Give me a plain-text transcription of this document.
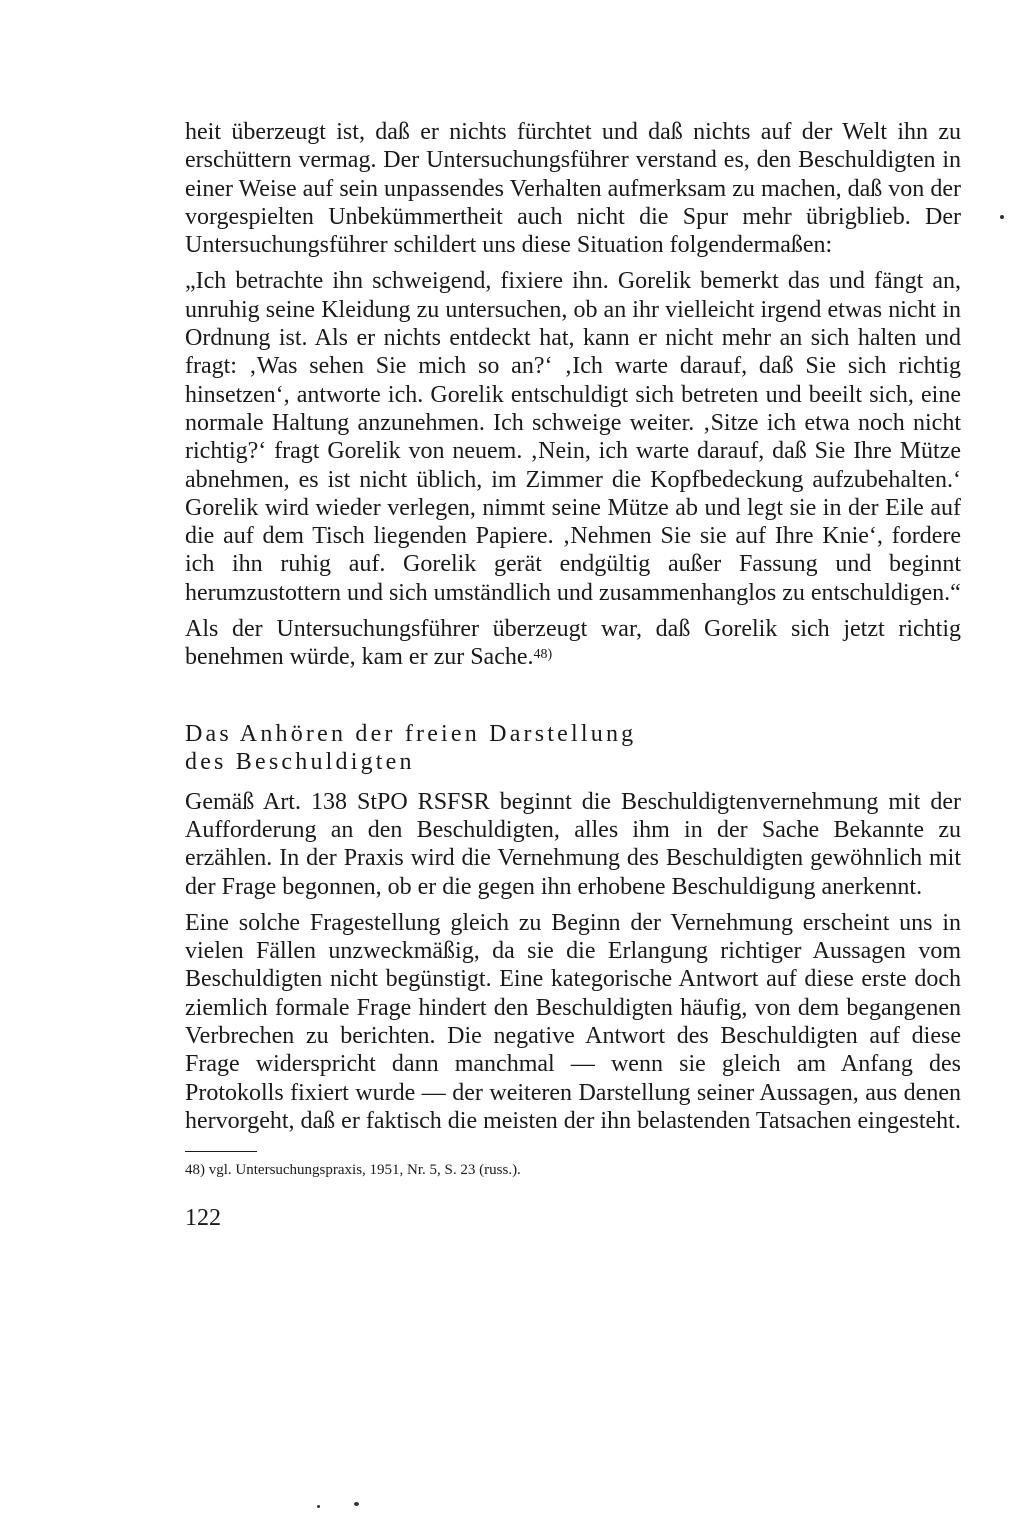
heit überzeugt ist, daß er nichts fürchtet und daß nichts auf der Welt ihn zu erschüttern vermag. Der Untersuchungsführer verstand es, den Beschuldigten in einer Weise auf sein unpassendes Verhalten aufmerksam zu machen, daß von der vorgespielten Unbekümmertheit auch nicht die Spur mehr übrigblieb. Der Untersuchungsführer schildert uns diese Situation folgendermaßen:

„Ich betrachte ihn schweigend, fixiere ihn. Gorelik bemerkt das und fängt an, unruhig seine Kleidung zu untersuchen, ob an ihr vielleicht irgend etwas nicht in Ordnung ist. Als er nichts entdeckt hat, kann er nicht mehr an sich halten und fragt: ‚Was sehen Sie mich so an?‘ ‚Ich warte darauf, daß Sie sich richtig hinsetzen‘, antworte ich. Gorelik entschuldigt sich betreten und beeilt sich, eine normale Haltung anzunehmen. Ich schweige weiter. ‚Sitze ich etwa noch nicht richtig?‘ fragt Gorelik von neuem. ‚Nein, ich warte darauf, daß Sie Ihre Mütze abnehmen, es ist nicht üblich, im Zimmer die Kopfbedeckung aufzubehalten.‘ Gorelik wird wieder verlegen, nimmt seine Mütze ab und legt sie in der Eile auf die auf dem Tisch liegenden Papiere. ‚Nehmen Sie sie auf Ihre Knie‘, fordere ich ihn ruhig auf. Gorelik gerät endgültig außer Fassung und beginnt herumzustottern und sich umständlich und zusammenhanglos zu entschuldigen.“

Als der Untersuchungsführer überzeugt war, daß Gorelik sich jetzt richtig benehmen würde, kam er zur Sache.$^{48)}$

Das Anhören der freien Darstellung
des Beschuldigten

Gemäß Art. 138 StPO RSFSR beginnt die Beschuldigtenvernehmung mit der Aufforderung an den Beschuldigten, alles ihm in der Sache Bekannte zu erzählen. In der Praxis wird die Vernehmung des Beschuldigten gewöhnlich mit der Frage begonnen, ob er die gegen ihn erhobene Beschuldigung anerkennt.

Eine solche Fragestellung gleich zu Beginn der Vernehmung erscheint uns in vielen Fällen unzweckmäßig, da sie die Erlangung richtiger Aussagen vom Beschuldigten nicht begünstigt. Eine kategorische Antwort auf diese erste doch ziemlich formale Frage hindert den Beschuldigten häufig, von dem begangenen Verbrechen zu berichten. Die negative Antwort des Beschuldigten auf diese Frage widerspricht dann manchmal — wenn sie gleich am Anfang des Protokolls fixiert wurde — der weiteren Darstellung seiner Aussagen, aus denen hervorgeht, daß er faktisch die meisten der ihn belastenden Tatsachen eingesteht.

48) vgl. Untersuchungspraxis, 1951, Nr. 5, S. 23 (russ.).

122
